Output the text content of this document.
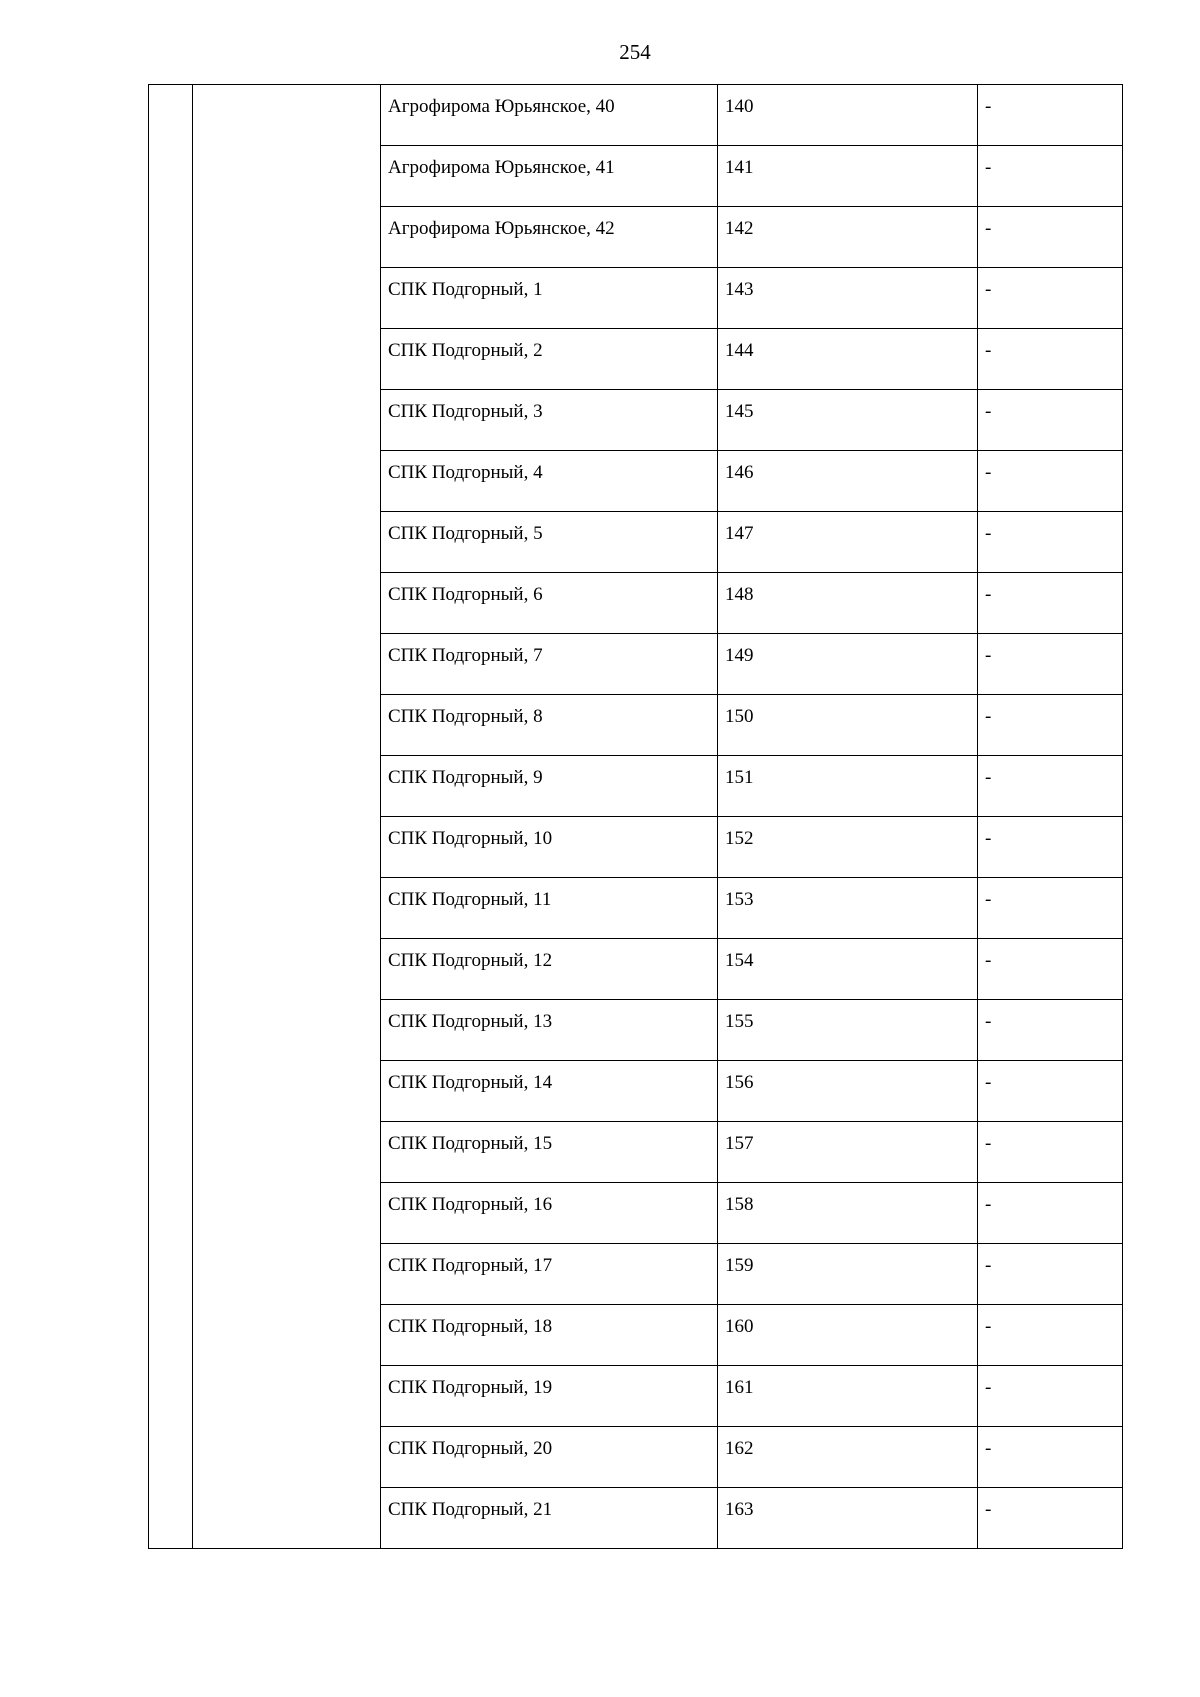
254

		Агрофирома Юрьянское, 40	140	-

		Агрофирома Юрьянское, 41	141	-

		Агрофирома Юрьянское, 42	142	-

		СПК Подгорный, 1	143	-

		СПК Подгорный, 2	144	-

		СПК Подгорный, 3	145	-

		СПК Подгорный, 4	146	-

		СПК Подгорный, 5	147	-

		СПК Подгорный, 6	148	-

		СПК Подгорный, 7	149	-

		СПК Подгорный, 8	150	-

		СПК Подгорный, 9	151	-

		СПК Подгорный, 10	152	-

		СПК Подгорный, 11	153	-

		СПК Подгорный, 12	154	-

		СПК Подгорный, 13	155	-

		СПК Подгорный, 14	156	-

		СПК Подгорный, 15	157	-

		СПК Подгорный, 16	158	-

		СПК Подгорный, 17	159	-

		СПК Подгорный, 18	160	-

		СПК Подгорный, 19	161	-

		СПК Подгорный, 20	162	-

		СПК Подгорный, 21	163	-
